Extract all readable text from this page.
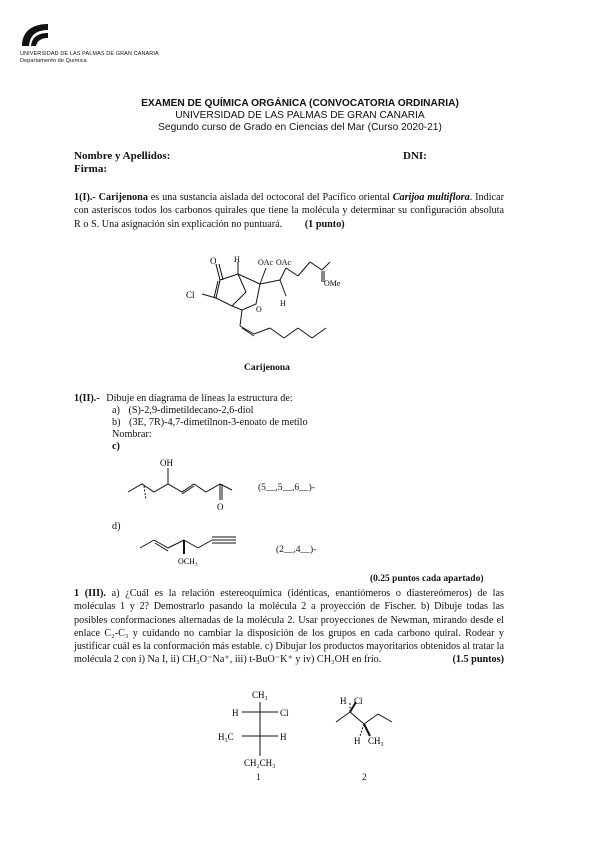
UNIVERSIDAD DE LAS PALMAS DE GRAN CANARIA
Departamento de Química
EXAMEN DE QUÍMICA ORGÁNICA (CONVOCATORIA ORDINARIA)
UNIVERSIDAD DE LAS PALMAS DE GRAN CANARIA
Segundo curso de Grado en Ciencias del Mar (Curso 2020-21)
Nombre y Apellidos:	DNI:
Firma:
1(I).- Carijenona es una sustancia aislada del octocoral del Pacífico oriental Carijoa multiflora. Indicar con asteriscos todos los carbonos quirales que tiene la molécula y determinar su configuración absoluta R o S. Una asignación sin explicación no puntuará. (1 punto)
O H OAc OAc
OMe
Cl
H
O
Carijenona
1(II).- Dibuje en diagrama de líneas la estructura de:
a) (S)-2,9-dimetildecano-2,6-diol
b) (3E, 7R)-4,7-dimetilnon-3-enoato de metilo
Nombrar:
c)
OH
O
(5__,5__,6__)-
d)
OCH₃
(2__,4__)-
(0.25 puntos cada apartado)
1 (III). a) ¿Cuál es la relación estereoquímica (idénticas, enantiómeros o diastereómeros) de las moléculas 1 y 2? Demostrarlo pasando la molécula 2 a proyección de Fischer. b) Dibuje todas las posibles conformaciones alternadas de la molécula 2. Usar proyecciones de Newman, mirando desde el enlace C₂-C₃ y cuidando no cambiar la disposición de los grupos en cada carbono quiral. Rodear y justificar cuál es la conformación más estable. c) Dibujar los productos mayoritarios obtenidos al tratar la molécula 2 con i) Na I, ii) CH₃O⁻Na⁺, iii) t-BuO⁻K⁺ y iv) CH₃OH en frío.	(1.5 puntos)
CH₃
H	Cl
H₃C	H
CH₂CH₃
H Cl
H CH₃
1	2
